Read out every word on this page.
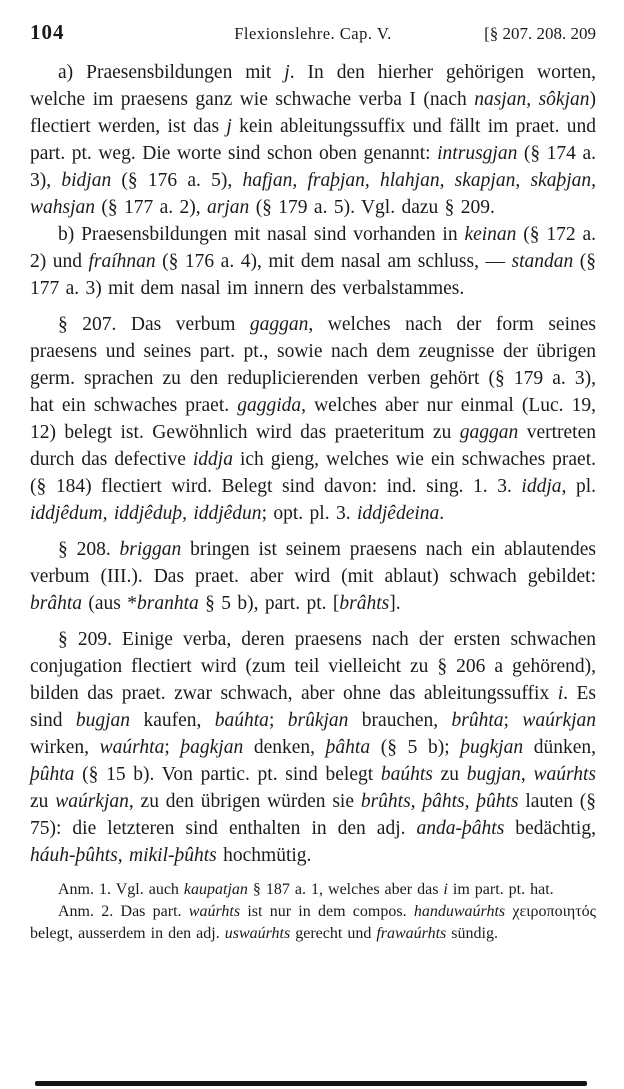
104	Flexionslehre. Cap. V.	[§ 207. 208. 209

a) Praesensbildungen mit j. In den hierher gehörigen worten, welche im praesens ganz wie schwache verba I (nach nasjan, sôkjan) flectiert werden, ist das j kein ableitungssuffix und fällt im praet. und part. pt. weg. Die worte sind schon oben genannt: intrusgjan (§ 174 a. 3), bidjan (§ 176 a. 5), hafjan, fraþjan, hlahjan, skapjan, skaþjan, wahsjan (§ 177 a. 2), arjan (§ 179 a. 5). Vgl. dazu § 209.

b) Praesensbildungen mit nasal sind vorhanden in keinan (§ 172 a. 2) und fraíhnan (§ 176 a. 4), mit dem nasal am schluss, — standan (§ 177 a. 3) mit dem nasal im innern des verbalstammes.

§ 207. Das verbum gaggan, welches nach der form seines praesens und seines part. pt., sowie nach dem zeugnisse der übrigen germ. sprachen zu den reduplicierenden verben gehört (§ 179 a. 3), hat ein schwaches praet. gaggida, welches aber nur einmal (Luc. 19, 12) belegt ist. Gewöhnlich wird das praeteritum zu gaggan vertreten durch das defective iddja ich gieng, welches wie ein schwaches praet. (§ 184) flectiert wird. Belegt sind davon: ind. sing. 1. 3. iddja, pl. iddjêdum, iddjêduþ, iddjêdun; opt. pl. 3. iddjêdeina.

§ 208. briggan bringen ist seinem praesens nach ein ablautendes verbum (III.). Das praet. aber wird (mit ablaut) schwach gebildet: brâhta (aus *branhta § 5 b), part. pt. [brâhts].

§ 209. Einige verba, deren praesens nach der ersten schwachen conjugation flectiert wird (zum teil vielleicht zu § 206 a gehörend), bilden das praet. zwar schwach, aber ohne das ableitungssuffix i. Es sind bugjan kaufen, baúhta; brûkjan brauchen, brûhta; waúrkjan wirken, waúrhta; þagkjan denken, þâhta (§ 5 b); þugkjan dünken, þûhta (§ 15 b). Von partic. pt. sind belegt baúhts zu bugjan, waúrhts zu waúrkjan, zu den übrigen würden sie brûhts, þâhts, þûhts lauten (§ 75): die letzteren sind enthalten in den adj. anda-þâhts bedächtig, háuh-þûhts, mikil-þûhts hochmütig.

Anm. 1. Vgl. auch kaupatjan § 187 a. 1, welches aber das i im part. pt. hat.

Anm. 2. Das part. waúrhts ist nur in dem compos. handuwaúrhts χειροποιητός belegt, ausserdem in den adj. uswaúrhts gerecht und frawaúrhts sündig.
